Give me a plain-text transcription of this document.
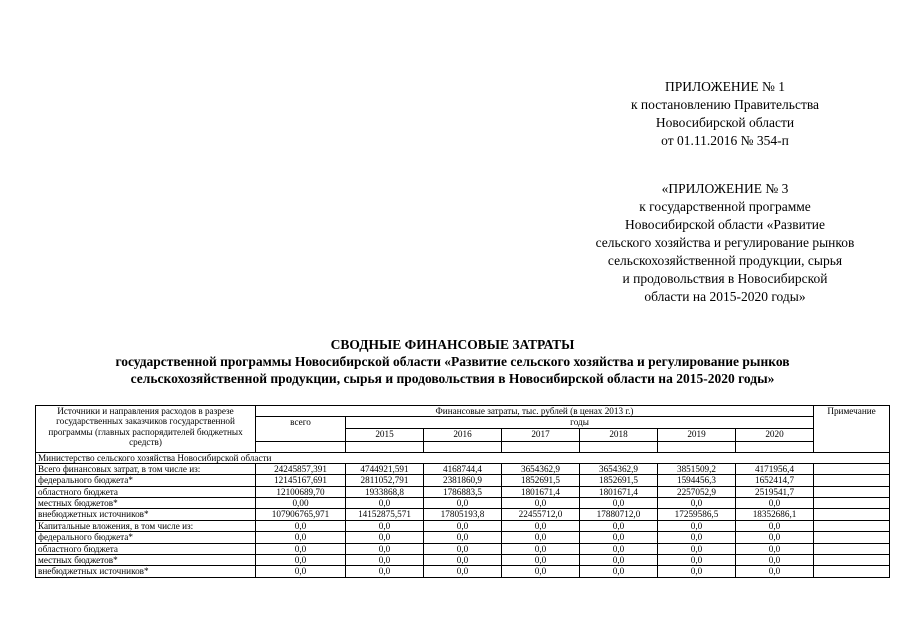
ПРИЛОЖЕНИЕ № 1
к постановлению Правительства
Новосибирской области
от 01.11.2016 № 354-п
«ПРИЛОЖЕНИЕ № 3
к государственной программе
Новосибирской области «Развитие
сельского хозяйства и регулирование рынков
сельскохозяйственной продукции, сырья
и продовольствия в Новосибирской
области на 2015-2020 годы»
СВОДНЫЕ ФИНАНСОВЫЕ ЗАТРАТЫ
государственной программы Новосибирской области «Развитие сельского хозяйства и регулирование рынков
сельскохозяйственной продукции, сырья и продовольствия в Новосибирской области на 2015-2020 годы»
Источники и направления расходов в разрезе государственных заказчиков государственной программы (главных распорядителей бюджетных средств)	Финансовые затраты, тыс. рублей (в ценах 2013 г.)							Примечание
	всего	годы						
		2015	2016	2017	2018	2019	2020	

Министерство сельского хозяйства Новосибирской области								
Всего финансовых затрат, в том числе из:	24245857,391	4744921,591	4168744,4	3654362,9	3654362,9	3851509,2	4171956,4	
федерального бюджета*	12145167,691	2811052,791	2381860,9	1852691,5	1852691,5	1594456,3	1652414,7	
областного бюджета	12100689,70	1933868,8	1786883,5	1801671,4	1801671,4	2257052,9	2519541,7	
местных бюджетов*	0,00	0,0	0,0	0,0	0,0	0,0	0,0	
внебюджетных источников*	107906765,971	14152875,571	17805193,8	22455712,0	17880712,0	17259586,5	18352686,1	
Капитальные вложения, в том числе из:	0,0	0,0	0,0	0,0	0,0	0,0	0,0	
федерального бюджета*	0,0	0,0	0,0	0,0	0,0	0,0	0,0	
областного бюджета	0,0	0,0	0,0	0,0	0,0	0,0	0,0	
местных бюджетов*	0,0	0,0	0,0	0,0	0,0	0,0	0,0	
внебюджетных источников*	0,0	0,0	0,0	0,0	0,0	0,0	0,0	
